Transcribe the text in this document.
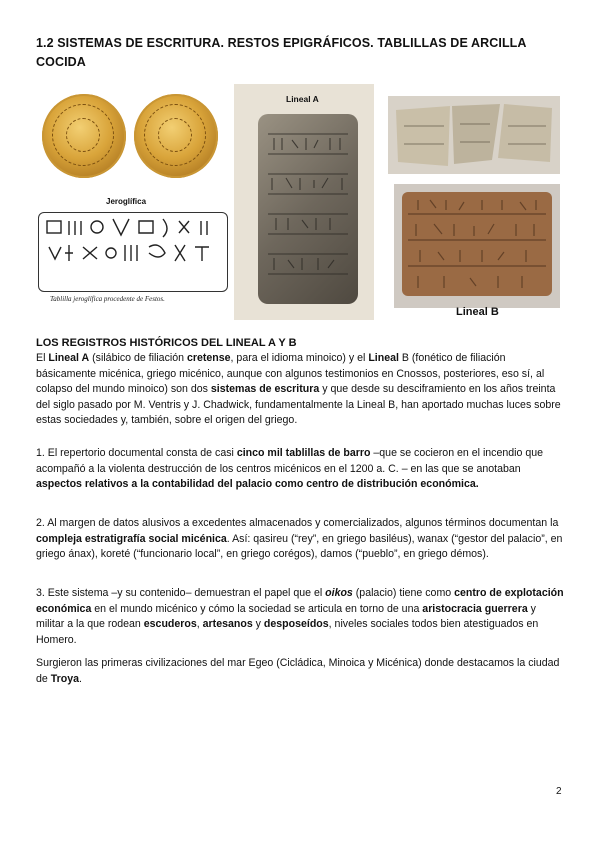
1.2 SISTEMAS DE ESCRITURA. RESTOS EPIGRÁFICOS. TABLILLAS DE ARCILLA COCIDA
Jeroglífica
Tablilla jeroglífica procedente de Festos.
Lineal A
Lineal B
LOS REGISTROS HISTÓRICOS DEL LINEAL A Y B

El Lineal A (silábico de filiación cretense, para el idioma minoico) y el Lineal B (fonético de filiación básicamente micénica, griego micénico, aunque con algunos testimonios en Cnossos, posteriores, eso sí, al colapso del mundo minoico) son dos sistemas de escritura y que desde su desciframiento en los años treinta del siglo pasado por M. Ventris y J. Chadwick, fundamentalmente la Lineal B, han aportado muchas luces sobre estas sociedades y, también, sobre el origen del griego.

1. El repertorio documental consta de casi cinco mil tablillas de barro –que se cocieron en el incendio que acompañó a la violenta destrucción de los centros micénicos en el 1200 a. C. – en las que se anotaban aspectos relativos a la contabilidad del palacio como centro de distribución económica.

2. Al margen de datos alusivos a excedentes almacenados y comercializados, algunos términos documentan la compleja estratigrafía social micénica. Así: qasireu (“rey”, en griego basiléus), wanax (“gestor del palacio”, en griego ánax), koreté (“funcionario local”, en griego corégos), damos (“pueblo”, en griego démos).

3. Este sistema –y su contenido– demuestran el papel que el oikos (palacio) tiene como centro de explotación económica en el mundo micénico y cómo la sociedad se articula en torno de una aristocracia guerrera y militar a la que rodean escuderos, artesanos y desposeídos, niveles sociales todos bien atestiguados en Homero.

Surgieron las primeras civilizaciones del mar Egeo (Cicládica, Minoica y Micénica) donde destacamos la ciudad de Troya.

2
